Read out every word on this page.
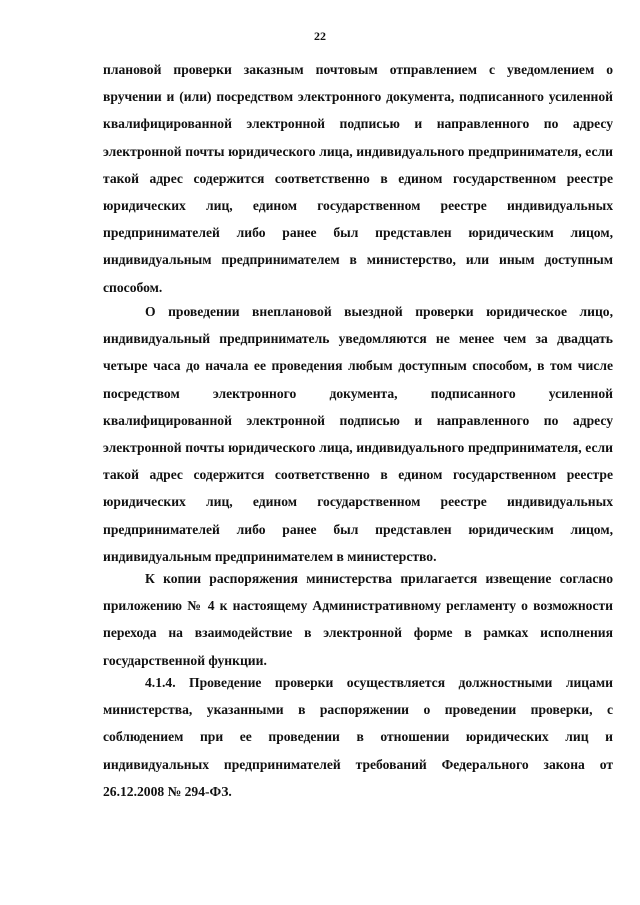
22

плановой проверки заказным почтовым отправлением с уведомлением о вручении и (или) посредством электронного документа, подписанного усиленной квалифицированной электронной подписью и направленного по адресу электронной почты юридического лица, индивидуального предпринимателя, если такой адрес содержится соответственно в едином государственном реестре юридических лиц, едином государственном реестре индивидуальных предпринимателей либо ранее был представлен юридическим лицом, индивидуальным предпринимателем в министерство, или иным доступным способом.

О проведении внеплановой выездной проверки юридическое лицо, индивидуальный предприниматель уведомляются не менее чем за двадцать четыре часа до начала ее проведения любым доступным способом, в том числе посредством электронного документа, подписанного усиленной квалифицированной электронной подписью и направленного по адресу электронной почты юридического лица, индивидуального предпринимателя, если такой адрес содержится соответственно в едином государственном реестре юридических лиц, едином государственном реестре индивидуальных предпринимателей либо ранее был представлен юридическим лицом, индивидуальным предпринимателем в министерство.

К копии распоряжения министерства прилагается извещение согласно приложению № 4 к настоящему Административному регламенту о возможности перехода на взаимодействие в электронной форме в рамках исполнения государственной функции.

4.1.4. Проведение проверки осуществляется должностными лицами министерства, указанными в распоряжении о проведении проверки, с соблюдением при ее проведении в отношении юридических лиц и индивидуальных предпринимателей требований Федерального закона от 26.12.2008 № 294-ФЗ.
